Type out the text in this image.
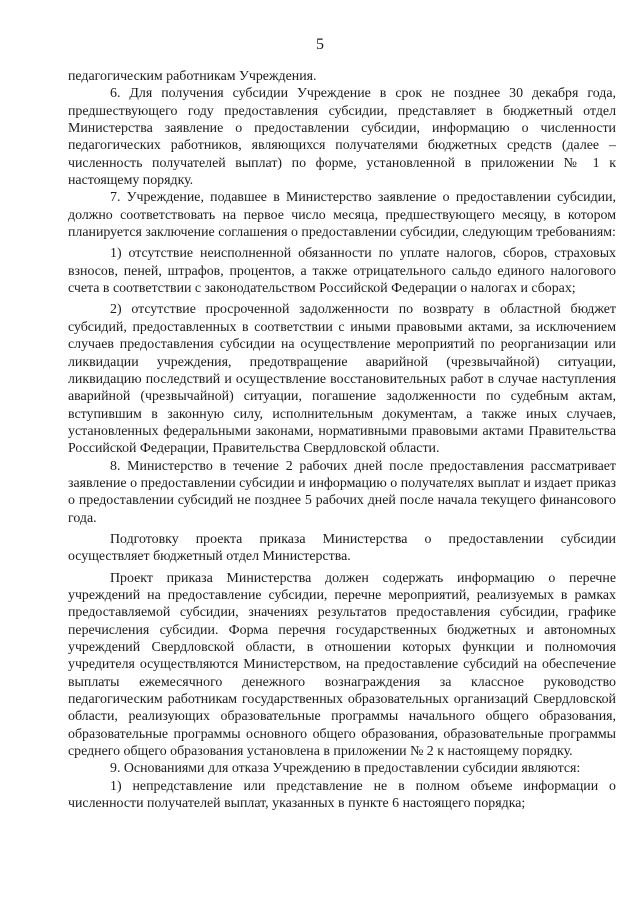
5

педагогическим работникам Учреждения.

6. Для получения субсидии Учреждение в срок не позднее 30 декабря года, предшествующего году предоставления субсидии, представляет в бюджетный отдел Министерства заявление о предоставлении субсидии, информацию о численности педагогических работников, являющихся получателями бюджетных средств (далее – численность получателей выплат) по форме, установленной в приложении № 1 к настоящему порядку.

7. Учреждение, подавшее в Министерство заявление о предоставлении субсидии, должно соответствовать на первое число месяца, предшествующего месяцу, в котором планируется заключение соглашения о предоставлении субсидии, следующим требованиям:

1) отсутствие неисполненной обязанности по уплате налогов, сборов, страховых взносов, пеней, штрафов, процентов, а также отрицательного сальдо единого налогового счета в соответствии с законодательством Российской Федерации о налогах и сборах;

2) отсутствие просроченной задолженности по возврату в областной бюджет субсидий, предоставленных в соответствии с иными правовыми актами, за исключением случаев предоставления субсидии на осуществление мероприятий по реорганизации или ликвидации учреждения, предотвращение аварийной (чрезвычайной) ситуации, ликвидацию последствий и осуществление восстановительных работ в случае наступления аварийной (чрезвычайной) ситуации, погашение задолженности по судебным актам, вступившим в законную силу, исполнительным документам, а также иных случаев, установленных федеральными законами, нормативными правовыми актами Правительства Российской Федерации, Правительства Свердловской области.

8. Министерство в течение 2 рабочих дней после предоставления рассматривает заявление о предоставлении субсидии и информацию о получателях выплат и издает приказ о предоставлении субсидий не позднее 5 рабочих дней после начала текущего финансового года.

Подготовку проекта приказа Министерства о предоставлении субсидии осуществляет бюджетный отдел Министерства.

Проект приказа Министерства должен содержать информацию о перечне учреждений на предоставление субсидии, перечне мероприятий, реализуемых в рамках предоставляемой субсидии, значениях результатов предоставления субсидии, графике перечисления субсидии. Форма перечня государственных бюджетных и автономных учреждений Свердловской области, в отношении которых функции и полномочия учредителя осуществляются Министерством, на предоставление субсидий на обеспечение выплаты ежемесячного денежного вознаграждения за классное руководство педагогическим работникам государственных образовательных организаций Свердловской области, реализующих образовательные программы начального общего образования, образовательные программы основного общего образования, образовательные программы среднего общего образования установлена в приложении № 2 к настоящему порядку.

9. Основаниями для отказа Учреждению в предоставлении субсидии являются:

1) непредставление или представление не в полном объеме информации о численности получателей выплат, указанных в пункте 6 настоящего порядка;
